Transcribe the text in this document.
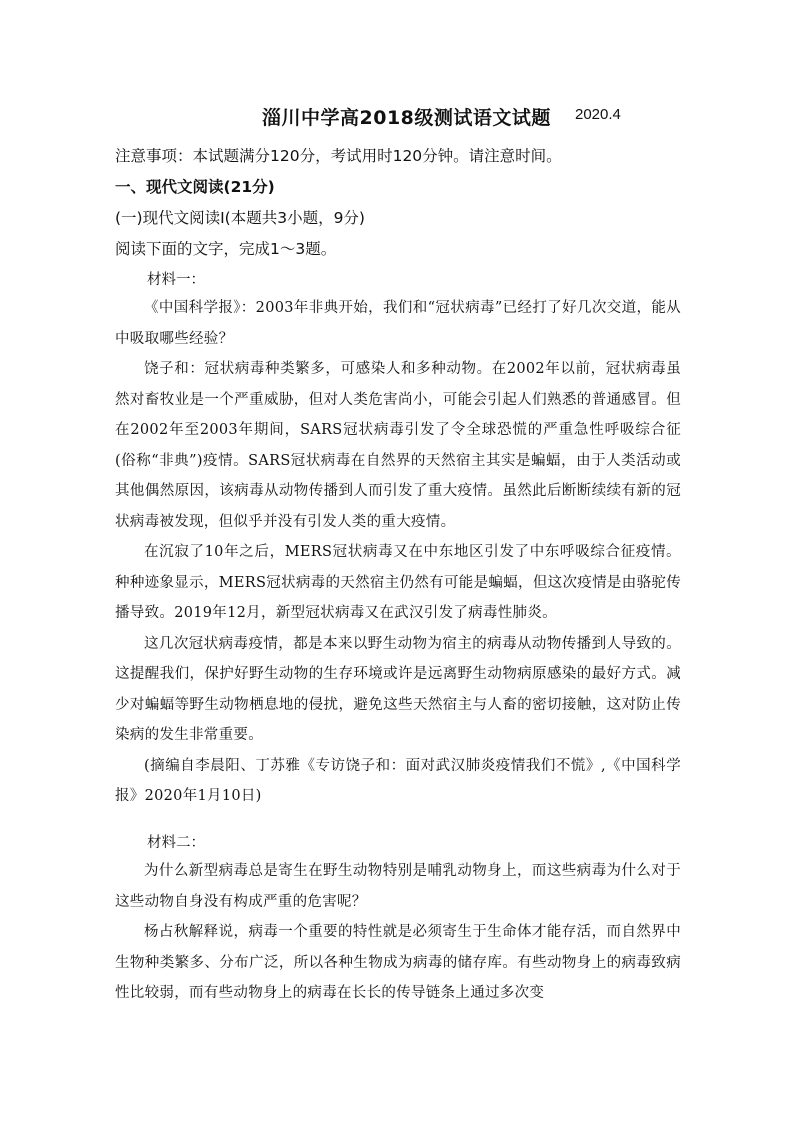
淄川中学高2018级测试语文试题 2020.4
注意事项：本试题满分120分，考试用时120分钟。请注意时间。
一、现代文阅读(21分)
(一)现代文阅读I(本题共3小题，9分)
阅读下面的文字，完成1～3题。
材料一：

《中国科学报》：2003年非典开始，我们和“冠状病毒”已经打了好几次交道，能从中吸取哪些经验？

饶子和：冠状病毒种类繁多，可感染人和多种动物。在2002年以前，冠状病毒虽然对畜牧业是一个严重威胁，但对人类危害尚小，可能会引起人们熟悉的普通感冒。但在2002年至2003年期间，SARS冠状病毒引发了令全球恐慌的严重急性呼吸综合征(俗称“非典”)疫情。SARS冠状病毒在自然界的天然宿主其实是蝙蝠，由于人类活动或其他偶然原因，该病毒从动物传播到人而引发了重大疫情。虽然此后断断续续有新的冠状病毒被发现，但似乎并没有引发人类的重大疫情。

在沉寂了10年之后，MERS冠状病毒又在中东地区引发了中东呼吸综合征疫情。种种迹象显示，MERS冠状病毒的天然宿主仍然有可能是蝙蝠，但这次疫情是由骆驼传播导致。2019年12月，新型冠状病毒又在武汉引发了病毒性肺炎。

这几次冠状病毒疫情，都是本来以野生动物为宿主的病毒从动物传播到人导致的。这提醒我们，保护好野生动物的生存环境或许是远离野生动物病原感染的最好方式。减少对蝙蝠等野生动物栖息地的侵扰，避免这些天然宿主与人畜的密切接触，这对防止传染病的发生非常重要。

(摘编自李晨阳、丁苏雅《专访饶子和：面对武汉肺炎疫情我们不慌》,《中国科学报》2020年1月10日)

材料二：

为什么新型病毒总是寄生在野生动物特别是哺乳动物身上，而这些病毒为什么对于这些动物自身没有构成严重的危害呢？

杨占秋解释说，病毒一个重要的特性就是必须寄生于生命体才能存活，而自然界中生物种类繁多、分布广泛，所以各种生物成为病毒的储存库。有些动物身上的病毒致病性比较弱，而有些动物身上的病毒在长长的传导链条上通过多次变
